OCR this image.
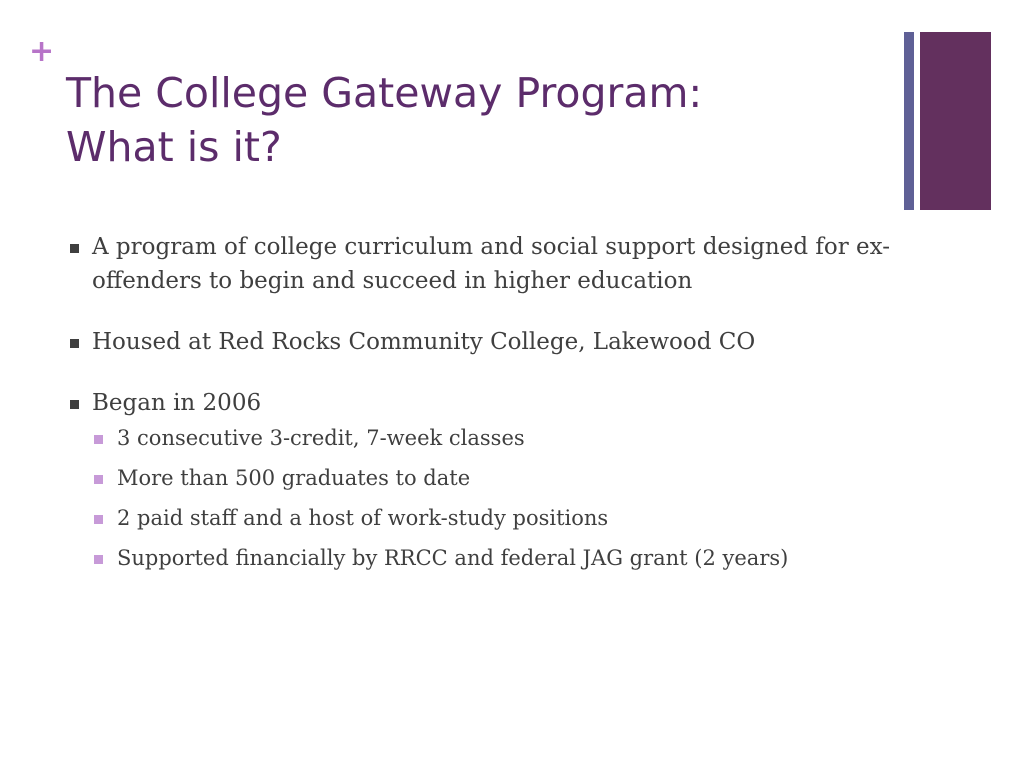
+
The College Gateway Program:
What is it?
A program of college curriculum and social support designed for ex-offenders to begin and succeed in higher education
Housed at Red Rocks Community College, Lakewood CO
Began in 2006
3 consecutive 3-credit, 7-week classes
More than 500 graduates to date
2 paid staff and a host of work-study positions
Supported financially by RRCC and federal JAG grant (2 years)
